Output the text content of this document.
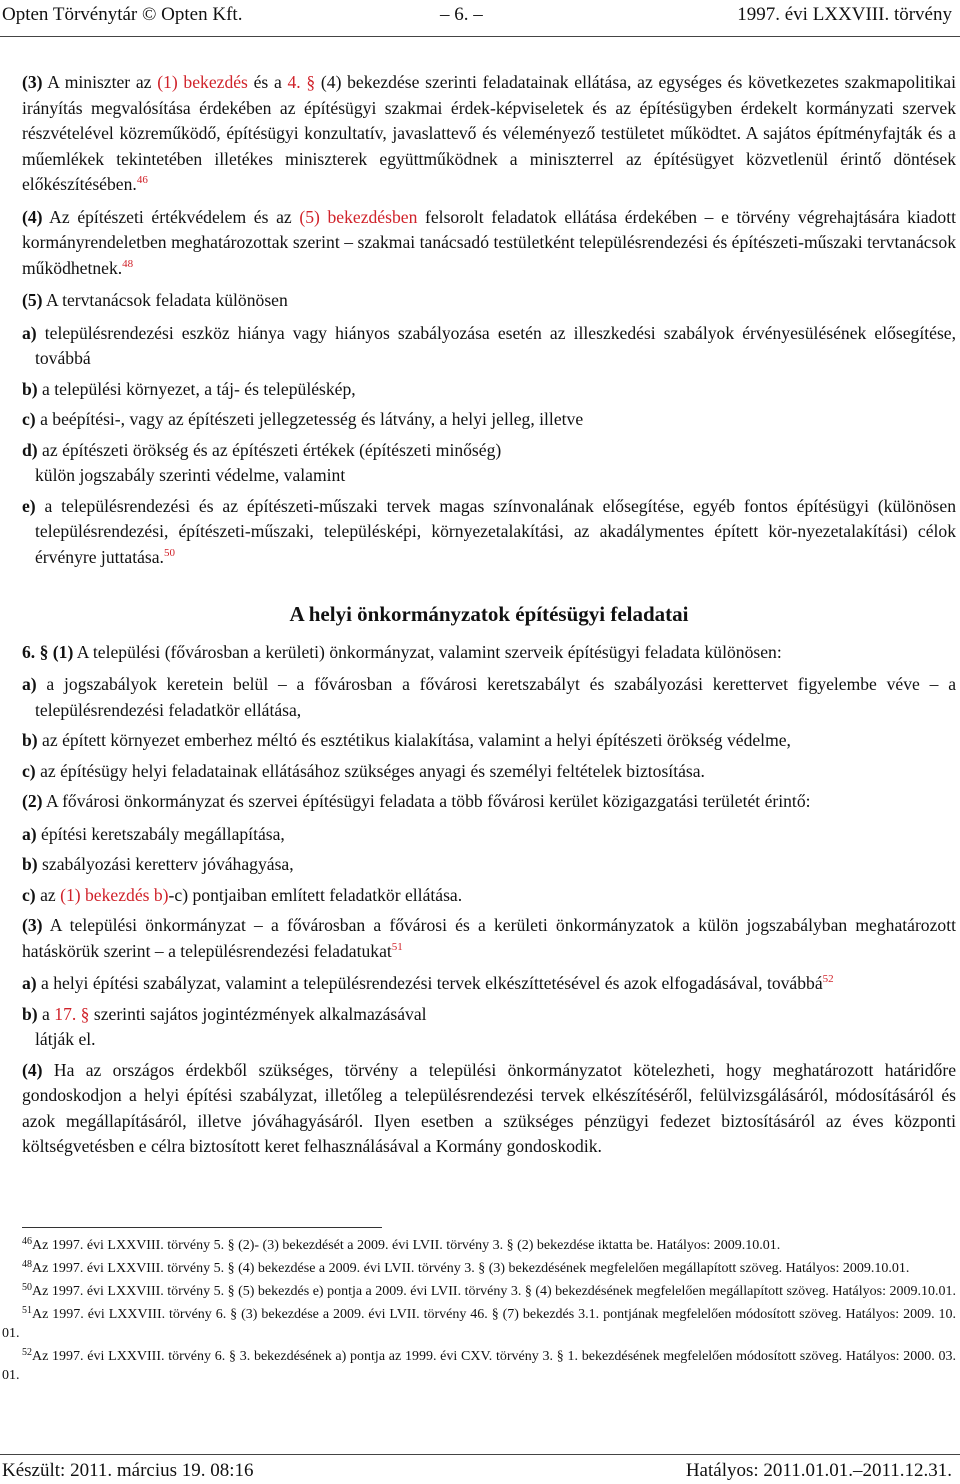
Opten Törvénytár © Opten Kft.	– 6. –	1997. évi LXXVIII. törvény

(3) A miniszter az (1) bekezdés és a 4. § (4) bekezdése szerinti feladatainak ellátása, az egységes és következetes szakmapolitikai irányítás megvalósítása érdekében az építésügyi szakmai érdek-képviseletek és az építésügyben érdekelt kormányzati szervek részvételével közreműködő, építésügyi konzultatív, javaslattevő és véleményező testületet működtet. A sajátos építményfajták és a műemlékek tekintetében illetékes miniszterek együttműködnek a miniszterrel az építésügyet közvetlenül érintő döntések előkészítésében.$^{46}$

(4) Az építészeti értékvédelem és az (5) bekezdésben felsorolt feladatok ellátása érdekében – e törvény végrehajtására kiadott kormányrendeletben meghatározottak szerint – szakmai tanácsadó testületként településrendezési és építészeti-műszaki tervtanácsok működhetnek.$^{48}$

(5) A tervtanácsok feladata különösen

a) településrendezési eszköz hiánya vagy hiányos szabályozása esetén az illeszkedési szabályok érvényesülésének elősegítése, továbbá

b) a települési környezet, a táj- és településkép,

c) a beépítési-, vagy az építészeti jellegzetesség és látvány, a helyi jelleg, illetve

d) az építészeti örökség és az építészeti értékek (építészeti minőség)

külön jogszabály szerinti védelme, valamint

e) a településrendezési és az építészeti-műszaki tervek magas színvonalának elősegítése, egyéb fontos építésügyi (különösen településrendezési, építészeti-műszaki, településképi, környezetalakítási, az akadálymentes épített kör-nyezetalakítási) célok érvényre juttatása.$^{50}$

A helyi önkormányzatok építésügyi feladatai

6. § (1) A települési (fővárosban a kerületi) önkormányzat, valamint szerveik építésügyi feladata különösen:

a) a jogszabályok keretein belül – a fővárosban a fővárosi keretszabályt és szabályozási kerettervet figyelembe véve – a településrendezési feladatkör ellátása,

b) az épített környezet emberhez méltó és esztétikus kialakítása, valamint a helyi építészeti örökség védelme,

c) az építésügy helyi feladatainak ellátásához szükséges anyagi és személyi feltételek biztosítása.

(2) A fővárosi önkormányzat és szervei építésügyi feladata a több fővárosi kerület közigazgatási területét érintő:

a) építési keretszabály megállapítása,

b) szabályozási keretterv jóváhagyása,

c) az (1) bekezdés b)-c) pontjaiban említett feladatkör ellátása.

(3) A települési önkormányzat – a fővárosban a fővárosi és a kerületi önkormányzatok a külön jogszabályban meghatározott hatáskörük szerint – a településrendezési feladatukat$^{51}$

a) a helyi építési szabályzat, valamint a településrendezési tervek elkészíttetésével és azok elfogadásával, továbbá$^{52}$

b) a 17. § szerinti sajátos jogintézmények alkalmazásával

látják el.

(4) Ha az országos érdekből szükséges, törvény a települési önkormányzatot kötelezheti, hogy meghatározott határidőre gondoskodjon a helyi építési szabályzat, illetőleg a településrendezési tervek elkészítéséről, felülvizsgálásáról, módosításáról és azok megállapításáról, illetve jóváhagyásáról. Ilyen esetben a szükséges pénzügyi fedezet biztosításáról az éves központi költségvetésben e célra biztosított keret felhasználásával a Kormány gondoskodik.

$^{46}$Az 1997. évi LXXVIII. törvény 5. § (2)- (3) bekezdését a 2009. évi LVII. törvény 3. § (2) bekezdése iktatta be. Hatályos: 2009.10.01.

$^{48}$Az 1997. évi LXXVIII. törvény 5. § (4) bekezdése a 2009. évi LVII. törvény 3. § (3) bekezdésének megfelelően megállapított szöveg. Hatályos: 2009.10.01.

$^{50}$Az 1997. évi LXXVIII. törvény 5. § (5) bekezdés e) pontja a 2009. évi LVII. törvény 3. § (4) bekezdésének megfelelően megállapított szöveg. Hatályos: 2009.10.01.

$^{51}$Az 1997. évi LXXVIII. törvény 6. § (3) bekezdése a 2009. évi LVII. törvény 46. § (7) bekezdés 3.1. pontjának megfelelően módosított szöveg. Hatályos: 2009. 10. 01.

$^{52}$Az 1997. évi LXXVIII. törvény 6. § 3. bekezdésének a) pontja az 1999. évi CXV. törvény 3. § 1. bekezdésének megfelelően módosított szöveg. Hatályos: 2000. 03. 01.

Készült: 2011. március 19. 08:16	Hatályos: 2011.01.01.–2011.12.31.
